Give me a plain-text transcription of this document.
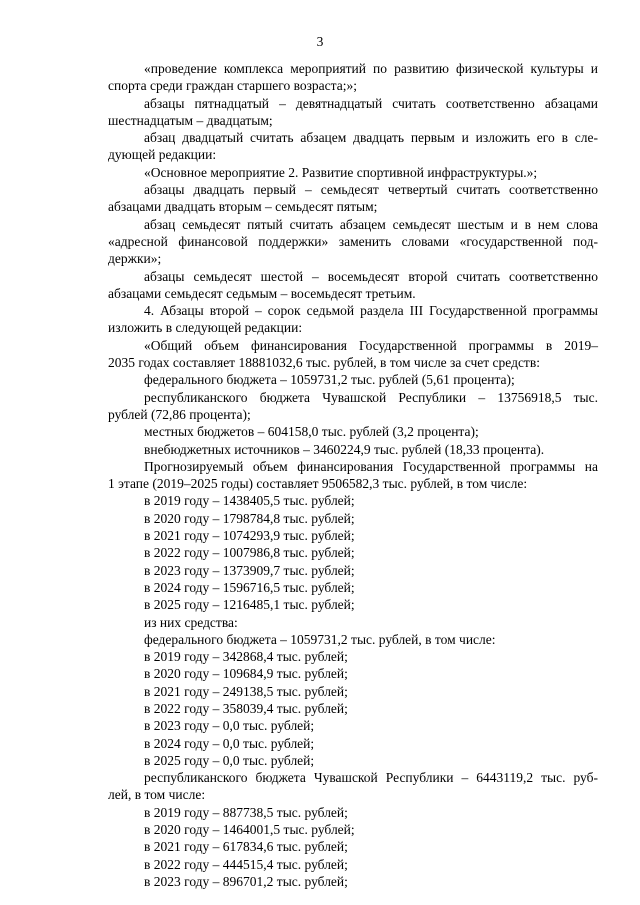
3
«проведение комплекса мероприятий по развитию физической культуры и
спорта среди граждан старшего возраста;»;
абзацы пятнадцатый – девятнадцатый считать соответственно абзацами
шестнадцатым – двадцатым;
абзац двадцатый считать абзацем двадцать первым и изложить его в сле-
дующей редакции:
«Основное мероприятие 2. Развитие спортивной инфраструктуры.»;
абзацы двадцать первый – семьдесят четвертый считать соответственно
абзацами двадцать вторым – семьдесят пятым;
абзац семьдесят пятый считать абзацем семьдесят шестым и в нем слова
«адресной финансовой поддержки» заменить словами «государственной под-
держки»;
абзацы семьдесят шестой – восемьдесят второй считать соответственно
абзацами семьдесят седьмым – восемьдесят третьим.
4. Абзацы второй – сорок седьмой раздела III Государственной программы
изложить в следующей редакции:
«Общий объем финансирования Государственной программы в 2019–
2035 годах составляет 18881032,6 тыс. рублей, в том числе за счет средств:
федерального бюджета – 1059731,2 тыс. рублей (5,61 процента);
республиканского бюджета Чувашской Республики – 13756918,5 тыс.
рублей (72,86 процента);
местных бюджетов – 604158,0 тыс. рублей (3,2 процента);
внебюджетных источников – 3460224,9 тыс. рублей (18,33 процента).
Прогнозируемый объем финансирования Государственной программы на
1 этапе (2019–2025 годы) составляет 9506582,3 тыс. рублей, в том числе:
в 2019 году – 1438405,5 тыс. рублей;
в 2020 году – 1798784,8 тыс. рублей;
в 2021 году – 1074293,9 тыс. рублей;
в 2022 году – 1007986,8 тыс. рублей;
в 2023 году – 1373909,7 тыс. рублей;
в 2024 году – 1596716,5 тыс. рублей;
в 2025 году – 1216485,1 тыс. рублей;
из них средства:
федерального бюджета – 1059731,2 тыс. рублей, в том числе:
в 2019 году – 342868,4 тыс. рублей;
в 2020 году – 109684,9 тыс. рублей;
в 2021 году – 249138,5 тыс. рублей;
в 2022 году – 358039,4 тыс. рублей;
в 2023 году – 0,0 тыс. рублей;
в 2024 году – 0,0 тыс. рублей;
в 2025 году – 0,0 тыс. рублей;
республиканского бюджета Чувашской Республики – 6443119,2 тыс. руб-
лей, в том числе:
в 2019 году – 887738,5 тыс. рублей;
в 2020 году – 1464001,5 тыс. рублей;
в 2021 году – 617834,6 тыс. рублей;
в 2022 году – 444515,4 тыс. рублей;
в 2023 году – 896701,2 тыс. рублей;
